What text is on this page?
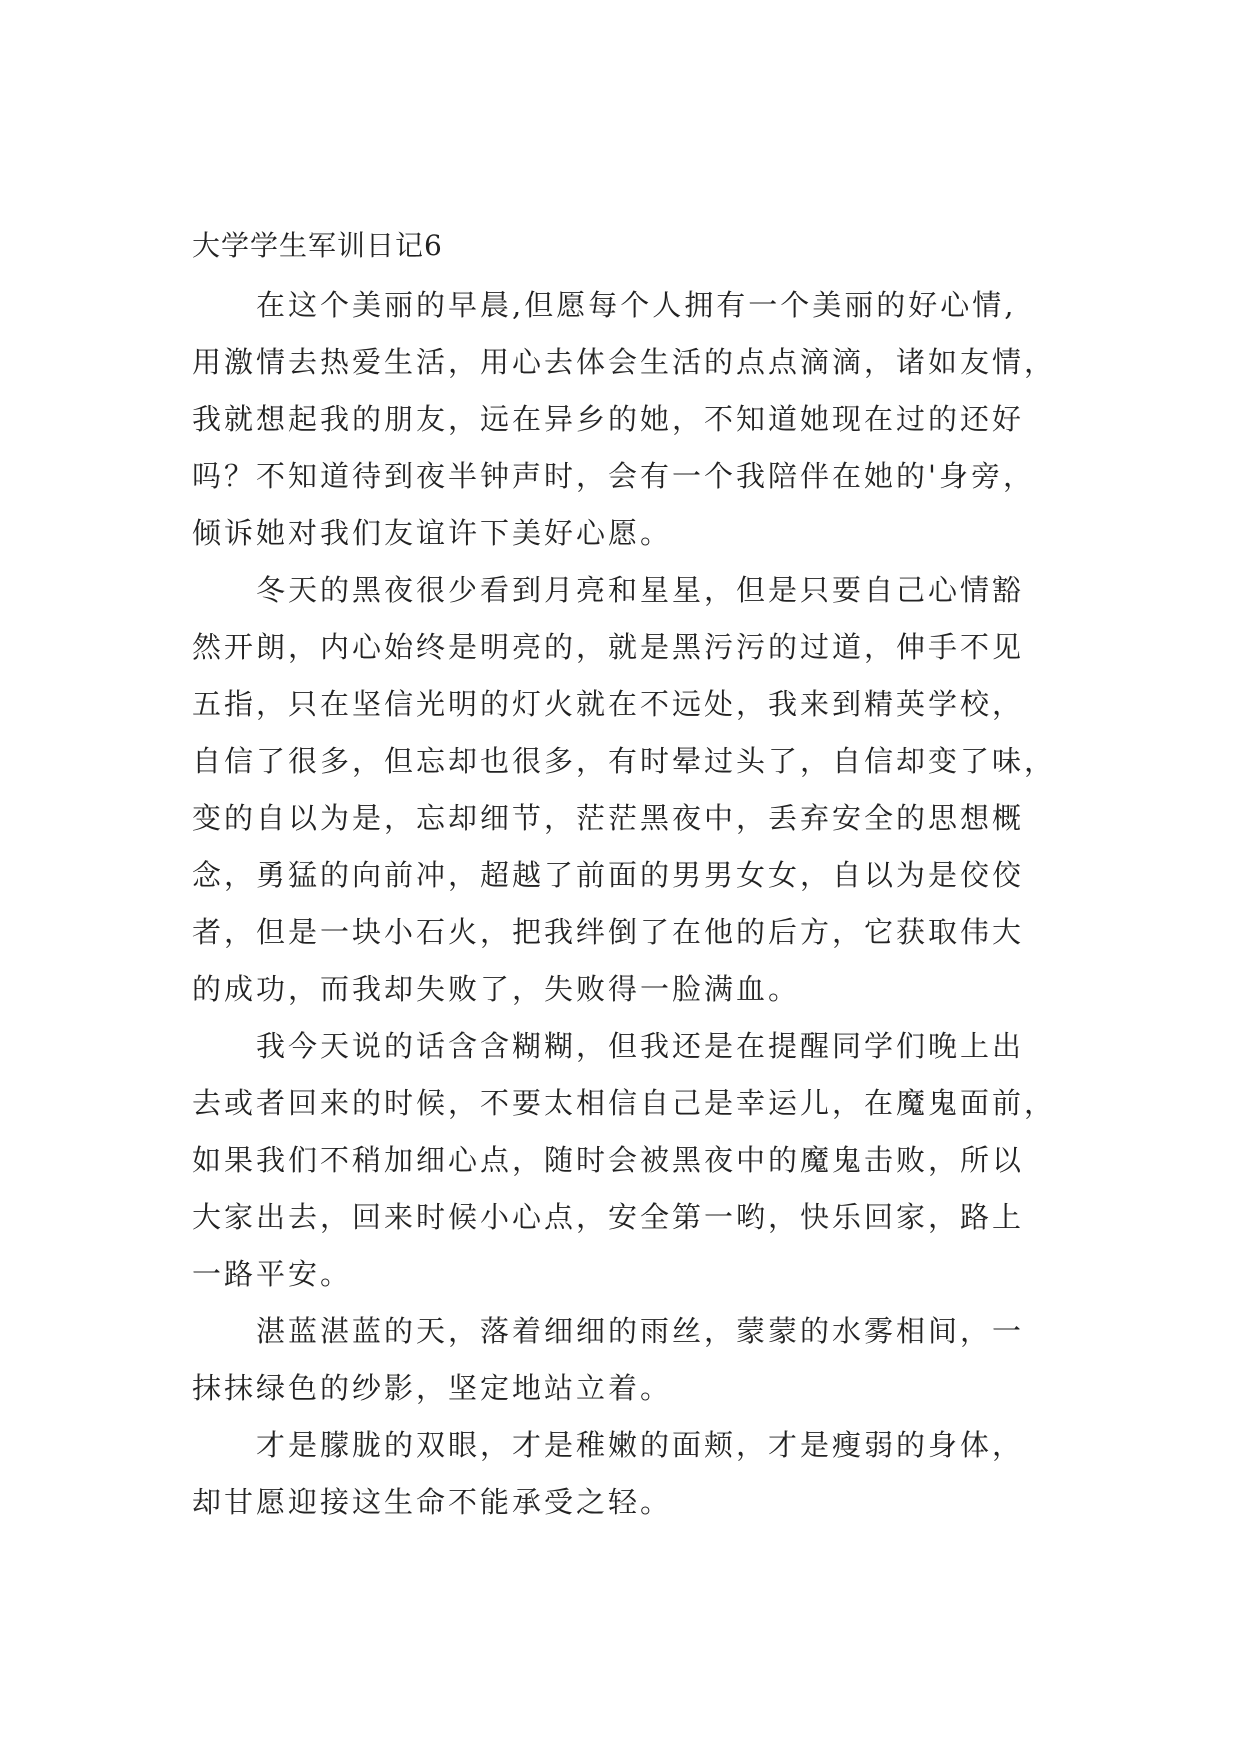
大学学生军训日记6
　　在这个美丽的早晨,但愿每个人拥有一个美丽的好心情,
用激情去热爱生活，用心去体会生活的点点滴滴，诸如友情，
我就想起我的朋友，远在异乡的她，不知道她现在过的还好
吗？不知道待到夜半钟声时，会有一个我陪伴在她的'身旁，
倾诉她对我们友谊许下美好心愿。
　　冬天的黑夜很少看到月亮和星星，但是只要自己心情豁
然开朗，内心始终是明亮的，就是黑污污的过道，伸手不见
五指，只在坚信光明的灯火就在不远处，我来到精英学校，
自信了很多，但忘却也很多，有时晕过头了，自信却变了味，
变的自以为是，忘却细节，茫茫黑夜中，丢弃安全的思想概
念，勇猛的向前冲，超越了前面的男男女女，自以为是佼佼
者，但是一块小石火，把我绊倒了在他的后方，它获取伟大
的成功，而我却失败了，失败得一脸满血。
　　我今天说的话含含糊糊，但我还是在提醒同学们晚上出
去或者回来的时候，不要太相信自己是幸运儿，在魔鬼面前，
如果我们不稍加细心点，随时会被黑夜中的魔鬼击败，所以
大家出去，回来时候小心点，安全第一哟，快乐回家，路上
一路平安。
　　湛蓝湛蓝的天，落着细细的雨丝，蒙蒙的水雾相间，一
抹抹绿色的纱影，坚定地站立着。
　　才是朦胧的双眼，才是稚嫩的面颊，才是瘦弱的身体，
却甘愿迎接这生命不能承受之轻。
